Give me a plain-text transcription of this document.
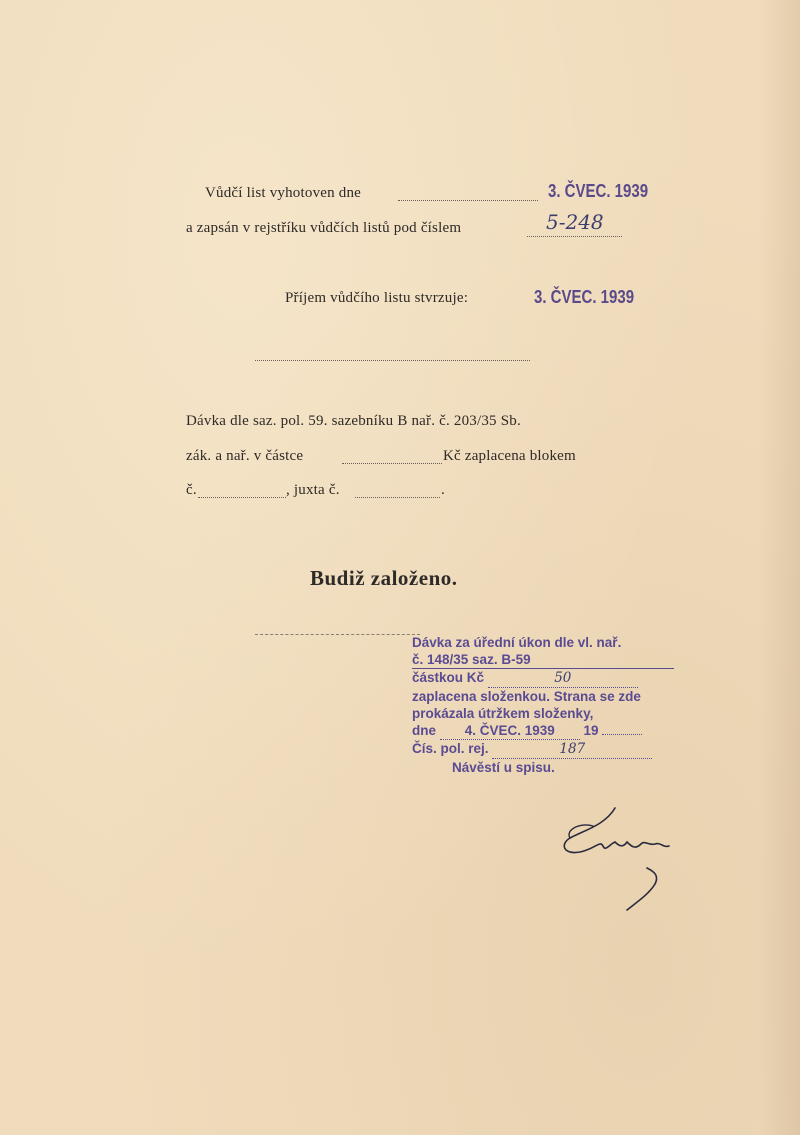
Vůdčí list vyhotoven dne	3. ČVEC. 1939
a zapsán v rejstříku vůdčích listů pod číslem	5-248
Příjem vůdčího listu stvrzuje:	3. ČVEC. 1939
Dávka dle saz. pol. 59. sazebníku B nař. č. 203/35 Sb.
zák. a nař. v částce	Kč zaplacena blokem
č.	, juxta č.	.
Budiž založeno.
Dávka za úřední úkon dle vl. nař.
č. 148/35 saz. B-59
částkou Kč	50
zaplacena složenkou. Strana se zde
prokázala útržkem složenky,
dne 4. ČVEC. 1939 19
Čís. pol. rej.	187
Návěstí u spisu.
